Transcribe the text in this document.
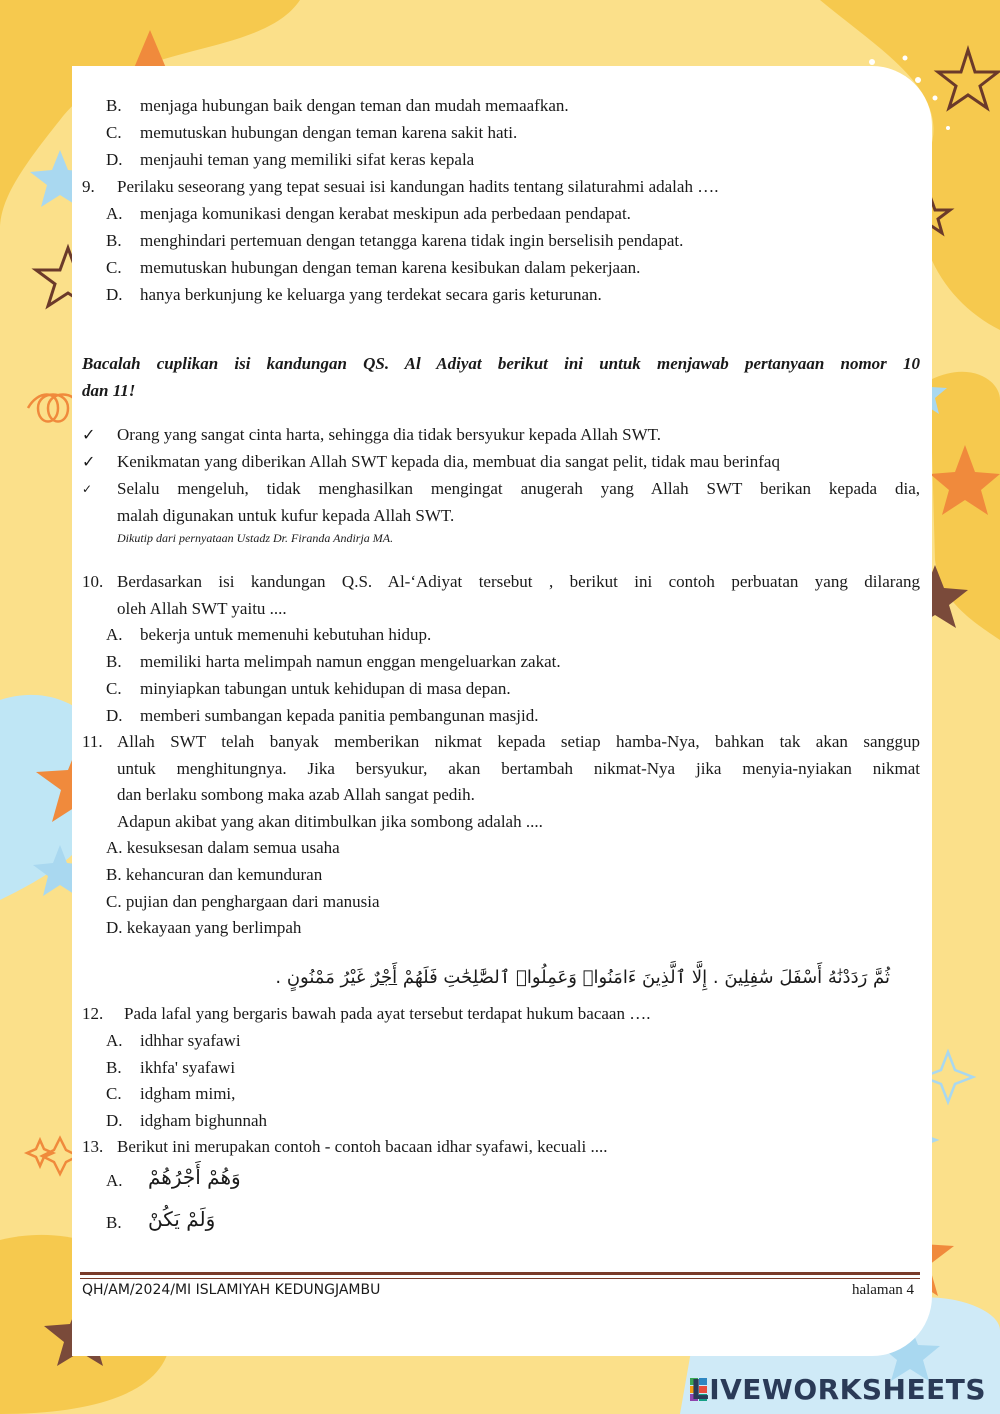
B.	menjaga hubungan baik dengan teman dan mudah memaafkan.
C.	memutuskan hubungan dengan teman karena sakit hati.
D.	menjauhi teman yang memiliki sifat keras kepala
9. Perilaku seseorang yang tepat sesuai isi kandungan hadits tentang silaturahmi adalah ….
A.	menjaga komunikasi dengan kerabat meskipun ada perbedaan pendapat.
B.	menghindari pertemuan dengan tetangga karena tidak ingin berselisih pendapat.
C.	memutuskan hubungan dengan teman karena kesibukan dalam pekerjaan.
D.	hanya berkunjung ke keluarga yang terdekat secara garis keturunan.
Bacalah cuplikan isi kandungan QS. Al Adiyat berikut ini untuk menjawab pertanyaan nomor 10
dan 11!
✓ Orang yang sangat cinta harta, sehingga dia tidak bersyukur kepada Allah SWT.
✓ Kenikmatan yang diberikan Allah SWT kepada dia, membuat dia sangat pelit, tidak mau berinfaq
✓ Selalu mengeluh, tidak menghasilkan mengingat anugerah yang Allah SWT berikan kepada dia,
malah digunakan untuk kufur kepada Allah SWT.
Dikutip dari pernyataan Ustadz Dr. Firanda Andirja MA.
10. Berdasarkan isi kandungan Q.S. Al-‘Adiyat tersebut , berikut ini contoh perbuatan yang dilarang
oleh Allah SWT yaitu ....
A.	bekerja untuk memenuhi kebutuhan hidup.
B.	memiliki harta melimpah namun enggan mengeluarkan zakat.
C.	minyiapkan tabungan untuk kehidupan di masa depan.
D.	memberi sumbangan kepada panitia pembangunan masjid.
11. Allah SWT telah banyak memberikan nikmat kepada setiap hamba-Nya, bahkan tak akan sanggup
untuk menghitungnya. Jika bersyukur, akan bertambah nikmat-Nya jika menyia-nyiakan nikmat
dan berlaku sombong maka azab Allah sangat pedih.
Adapun akibat yang akan ditimbulkan jika sombong adalah ....
A. kesuksesan dalam semua usaha
B. kehancuran dan kemunduran
C. pujian dan penghargaan dari manusia
D. kekayaan yang berlimpah
ثُمَّ رَدَدْنَٰهُ أَسْفَلَ سَٰفِلِينَ . إِلَّا ٱلَّذِينَ ءَامَنُوا۟ وَعَمِلُوا۟ ٱلصَّٰلِحَٰتِ فَلَهُمْ أَجْرٌ غَيْرُ مَمْنُونٍ .
12. Pada lafal yang bergaris bawah pada ayat tersebut terdapat hukum bacaan ….
A.	idhhar syafawi
B.	ikhfa' syafawi
C.	idgham mimi,
D.	idgham bighunnah
13. Berikut ini merupakan contoh - contoh bacaan idhar syafawi, kecuali ....
A.	وَهُمْ أَجْرُهُمْ
B.	وَلَمْ يَكُنْ
QH/AM/2024/MI ISLAMIYAH KEDUNGJAMBU	halaman 4
LIVEWORKSHEETS
